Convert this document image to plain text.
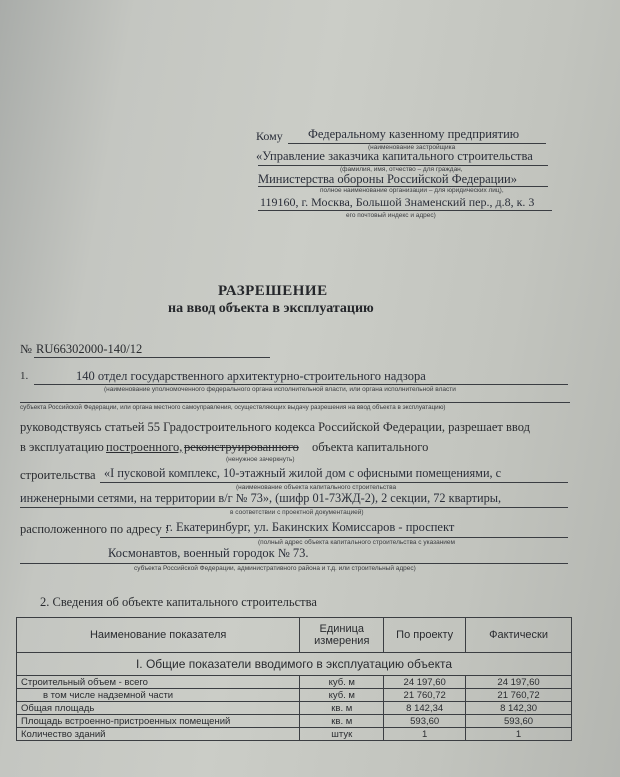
Кому Федеральному казенному предприятию
(наименование застройщика
«Управление заказчика капитального строительства
(фамилия, имя, отчество – для граждан,
Министерства обороны Российской Федерации»
полное наименование организации – для юридических лиц),
119160, г. Москва, Большой Знаменский пер., д.8, к. 3
его почтовый индекс и адрес)
РАЗРЕШЕНИЕ
на ввод объекта в эксплуатацию
№ RU66302000-140/12
1.	140 отдел государственного архитектурно-строительного надзора
(наименование уполномоченного федерального органа исполнительной власти, или органа исполнительной власти
субъекта Российской Федерации, или органа местного самоуправления, осуществляющих выдачу разрешения на ввод объекта в эксплуатацию)
руководствуясь статьей 55 Градостроительного кодекса Российской Федерации, разрешает ввод
в эксплуатацию построенного, реконструированного объекта капитального
(ненужное зачеркнуть)
строительства «I пусковой комплекс, 10-этажный жилой дом с офисными помещениями, с
(наименование объекта капитального строительства
инженерными сетями, на территории в/г № 73», (шифр 01-73ЖД-2), 2 секции, 72 квартиры,
в соответствии с проектной документацией)
расположенного по адресу :
г. Екатеринбург, ул. Бакинских Комиссаров - проспект
(полный адрес объекта капитального строительства с указанием
Космонавтов, военный городок № 73.
субъекта Российской Федерации, административного района и т.д. или строительный адрес)
2. Сведения об объекте капитального строительства
Наименование показателя	Единица измерения	По проекту	Фактически
I. Общие показатели вводимого в эксплуатацию объекта			
Строительный объем - всего	куб. м	24 197,60	24 197,60
в том числе надземной части	куб. м	21 760,72	21 760,72
Общая площадь	кв. м	8 142,34	8 142,30
Площадь встроенно-пристроенных помещений	кв. м	593,60	593,60
Количество зданий	штук	1	1
